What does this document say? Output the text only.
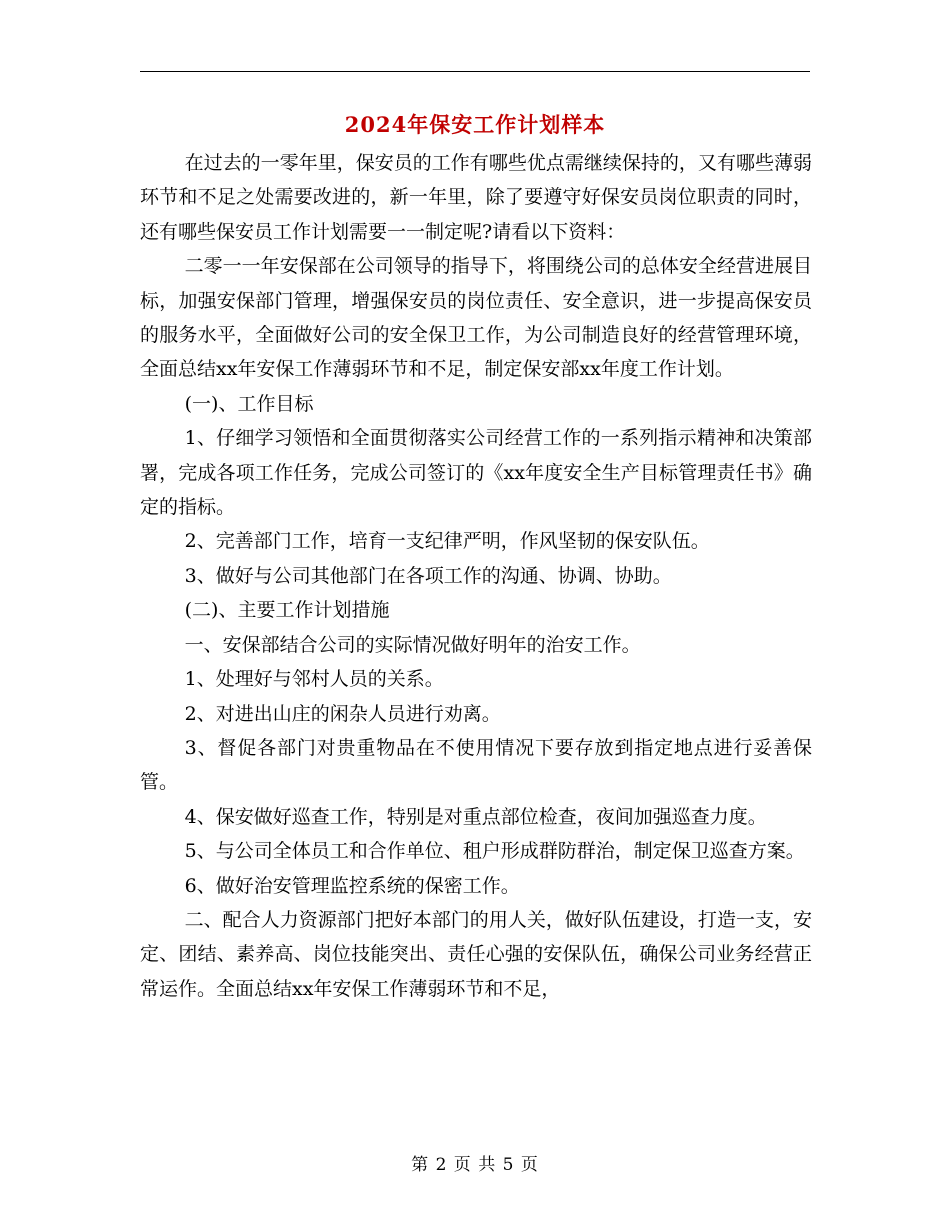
2024年保安工作计划样本

在过去的一零年里，保安员的工作有哪些优点需继续保持的，又有哪些薄弱环节和不足之处需要改进的，新一年里，除了要遵守好保安员岗位职责的同时，还有哪些保安员工作计划需要一一制定呢?请看以下资料：

二零一一年安保部在公司领导的指导下，将围绕公司的总体安全经营进展目标，加强安保部门管理，增强保安员的岗位责任、安全意识，进一步提高保安员的服务水平，全面做好公司的安全保卫工作，为公司制造良好的经营管理环境，全面总结xx年安保工作薄弱环节和不足，制定保安部xx年度工作计划。

(一)、工作目标

1、仔细学习领悟和全面贯彻落实公司经营工作的一系列指示精神和决策部署，完成各项工作任务，完成公司签订的《xx年度安全生产目标管理责任书》确定的指标。

2、完善部门工作，培育一支纪律严明，作风坚韧的保安队伍。

3、做好与公司其他部门在各项工作的沟通、协调、协助。

(二)、主要工作计划措施

一、安保部结合公司的实际情况做好明年的治安工作。

1、处理好与邻村人员的关系。

2、对进出山庄的闲杂人员进行劝离。

3、督促各部门对贵重物品在不使用情况下要存放到指定地点进行妥善保管。

4、保安做好巡查工作，特别是对重点部位检查，夜间加强巡查力度。

5、与公司全体员工和合作单位、租户形成群防群治，制定保卫巡查方案。

6、做好治安管理监控系统的保密工作。

二、配合人力资源部门把好本部门的用人关，做好队伍建设，打造一支，安定、团结、素养高、岗位技能突出、责任心强的安保队伍，确保公司业务经营正常运作。全面总结xx年安保工作薄弱环节和不足，

第 2 页 共 5 页
